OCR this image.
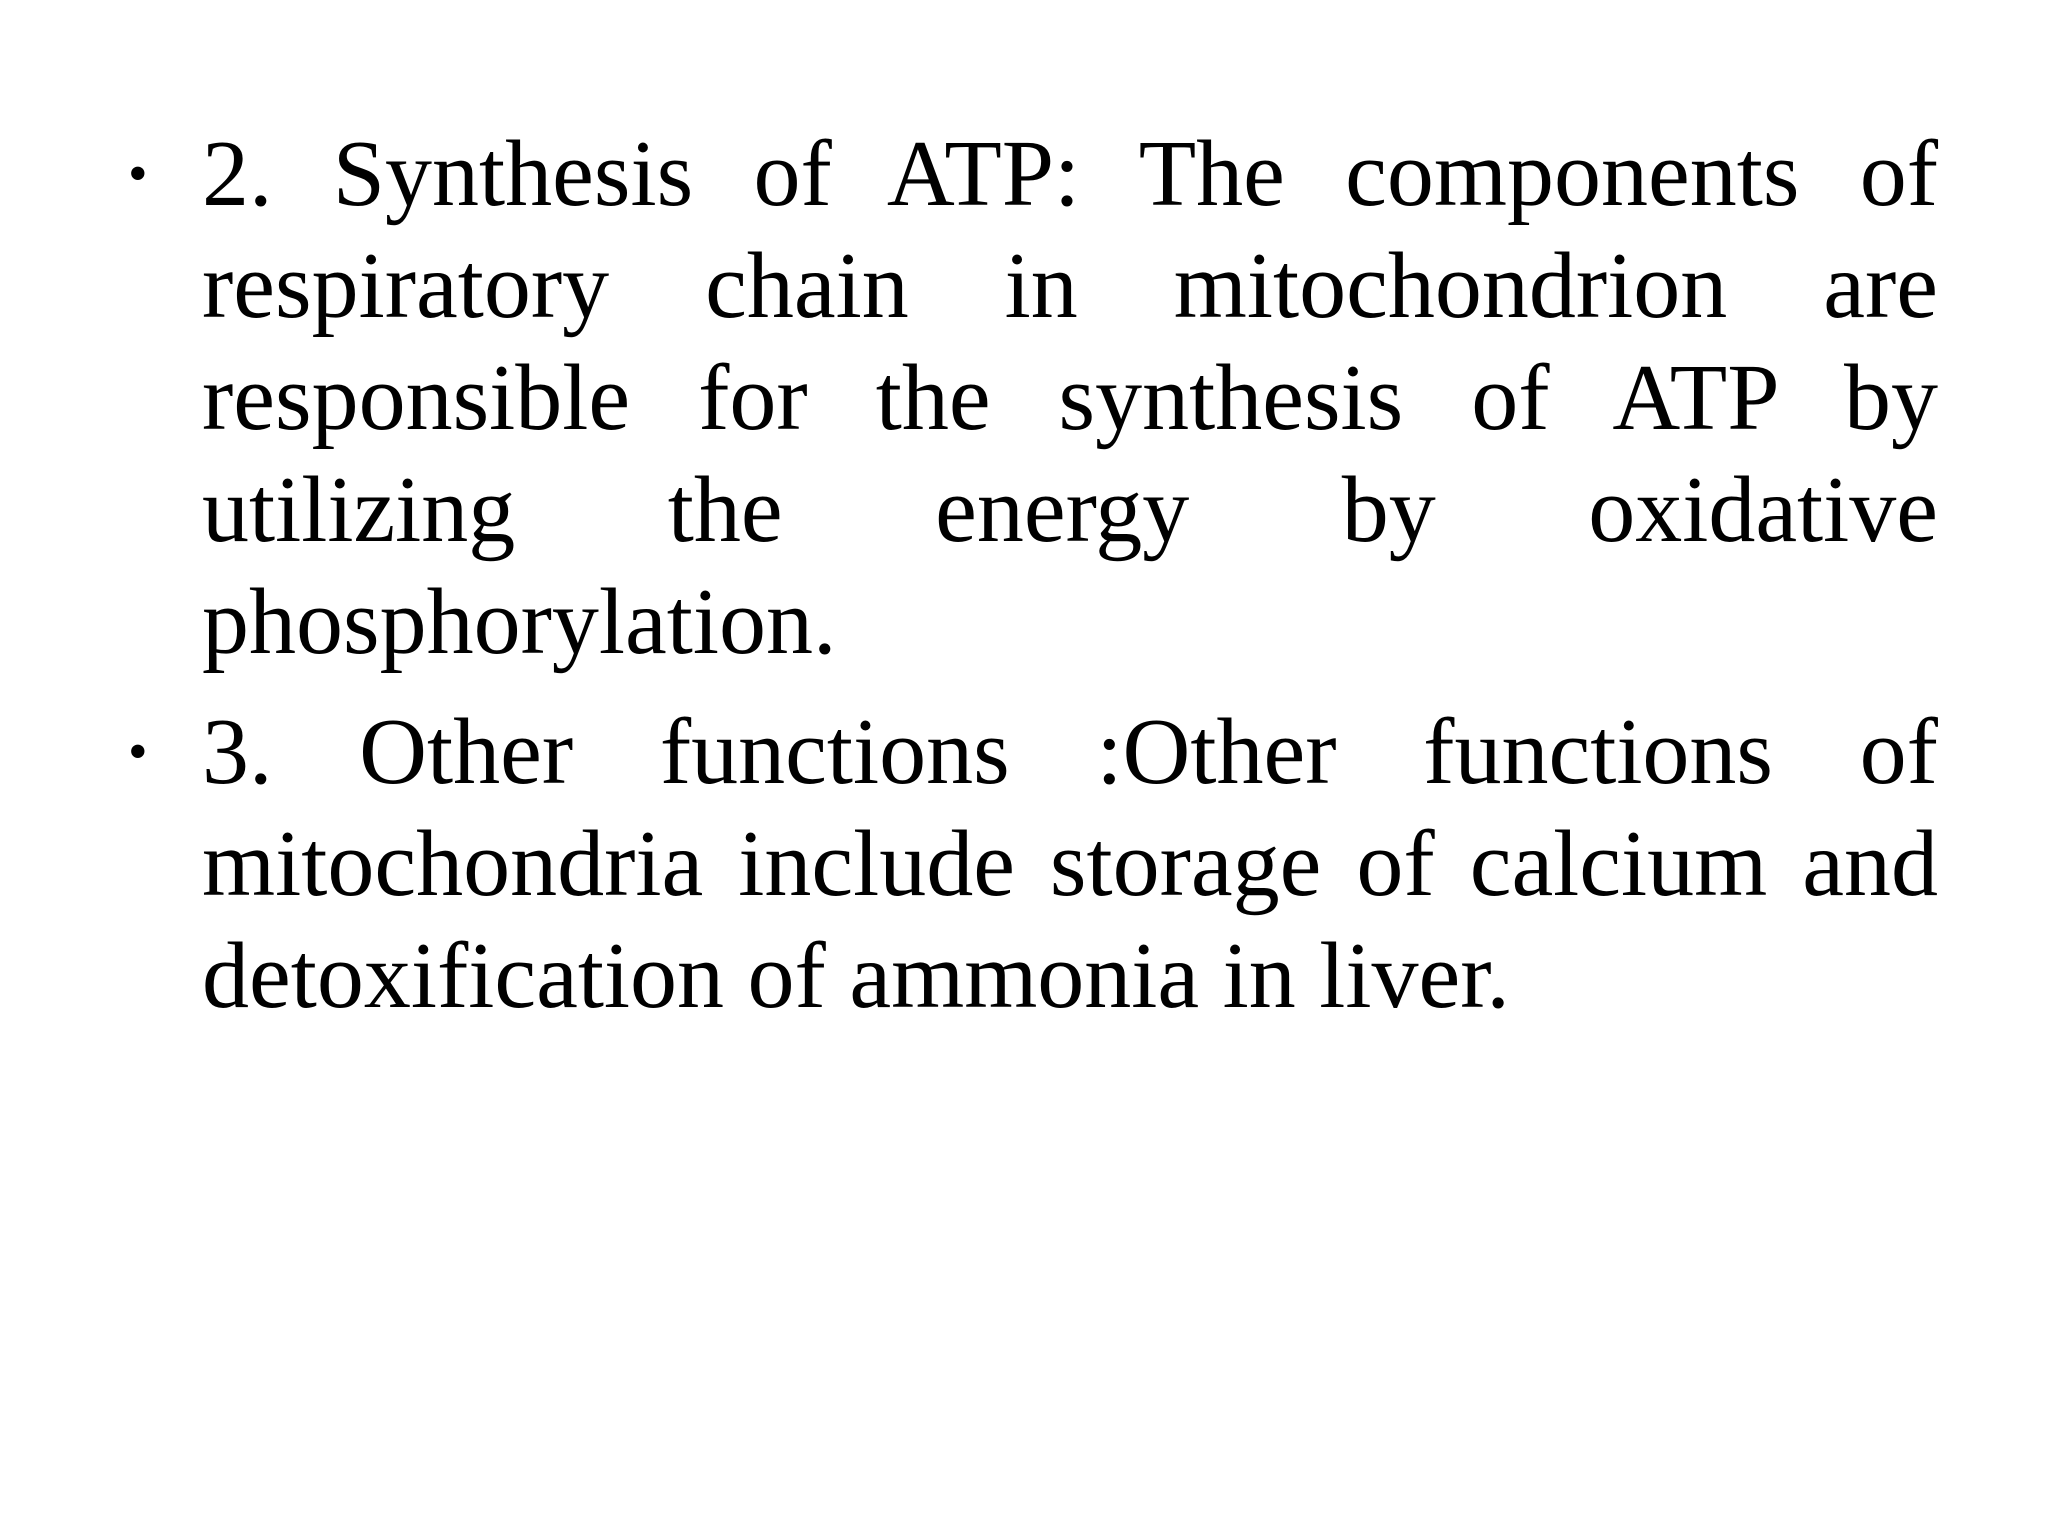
• 2. Synthesis of ATP: The components of respiratory chain in mitochondrion are responsible for the synthesis of ATP by utilizing the energy by oxidative phosphorylation.
• 3. Other functions :Other functions of mitochondria include storage of calcium and detoxification of ammonia in liver.
